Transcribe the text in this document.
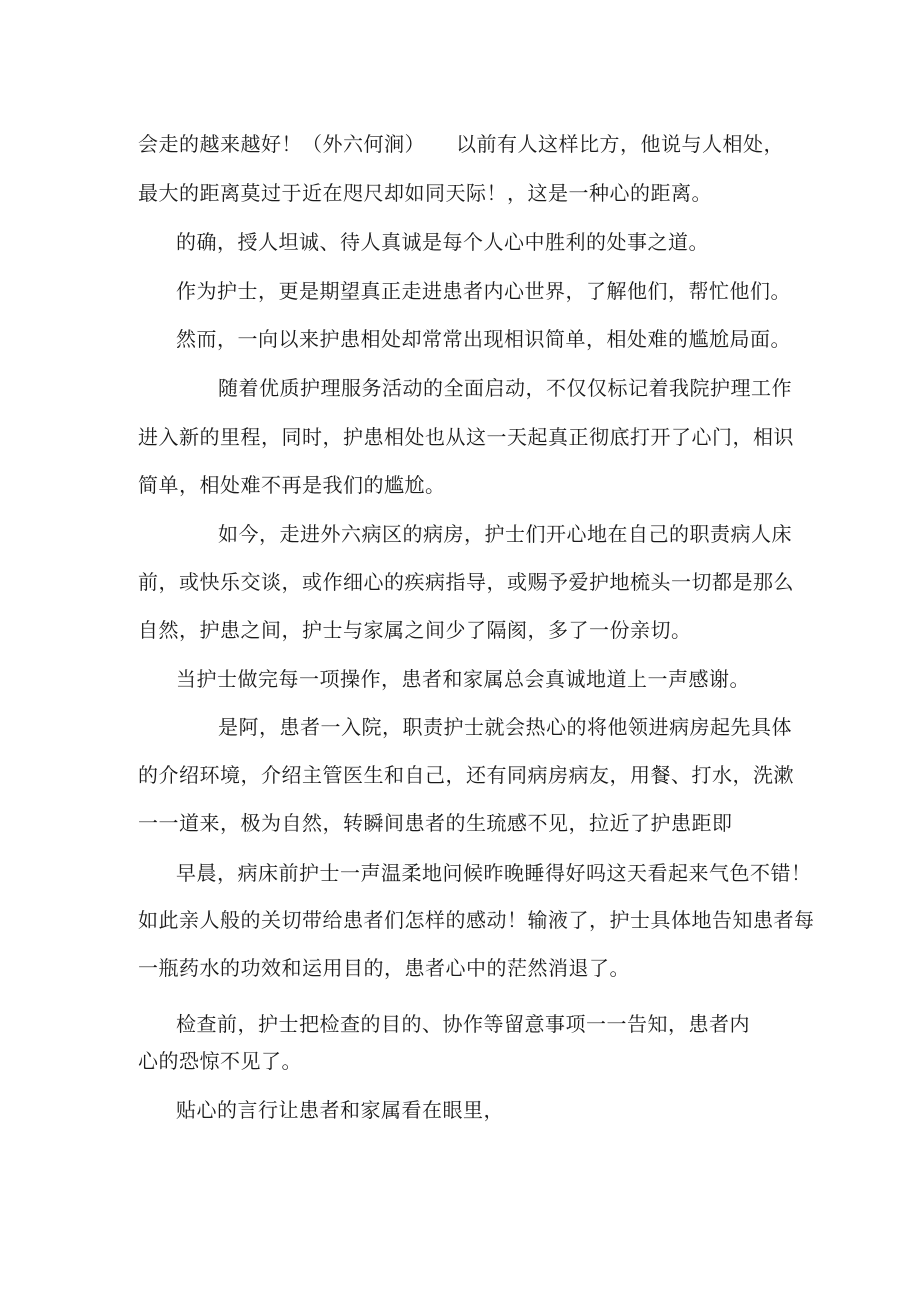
会走的越来越好！（外六何涧）　　以前有人这样比方，他说与人相处，
最大的距离莫过于近在咫尺却如同天际！，这是一种心的距离。
的确，授人坦诚、待人真诚是每个人心中胜利的处事之道。
作为护士，更是期望真正走进患者内心世界，了解他们，帮忙他们。
然而，一向以来护患相处却常常出现相识简单，相处难的尴尬局面。
随着优质护理服务活动的全面启动，不仅仅标记着我院护理工作
进入新的里程，同时，护患相处也从这一天起真正彻底打开了心门，相识
简单，相处难不再是我们的尴尬。
如今，走进外六病区的病房，护士们开心地在自己的职责病人床
前，或快乐交谈，或作细心的疾病指导，或赐予爱护地梳头一切都是那么
自然，护患之间，护士与家属之间少了隔阂，多了一份亲切。
当护士做完每一项操作，患者和家属总会真诚地道上一声感谢。
是阿，患者一入院，职责护士就会热心的将他领进病房起先具体
的介绍环境，介绍主管医生和自己，还有同病房病友，用餐、打水，洗漱
一一道来，极为自然，转瞬间患者的生琉感不见，拉近了护患距即
早晨，病床前护士一声温柔地问候昨晚睡得好吗这天看起来气色不错！
如此亲人般的关切带给患者们怎样的感动！输液了，护士具体地告知患者每
一瓶药水的功效和运用目的，患者心中的茫然消退了。
检查前，护士把检查的目的、协作等留意事项一一告知，患者内
心的恐惊不见了。
贴心的言行让患者和家属看在眼里，
